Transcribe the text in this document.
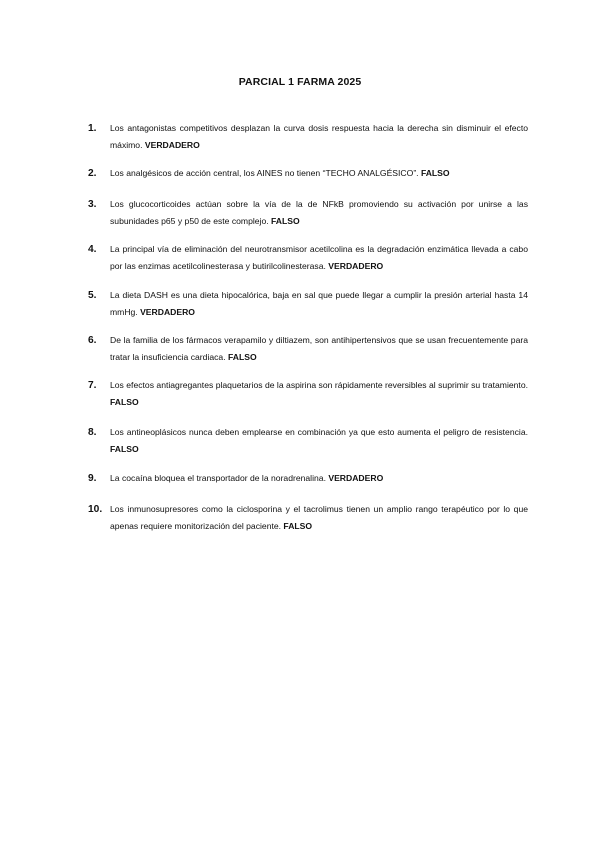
PARCIAL 1 FARMA 2025
1. Los antagonistas competitivos desplazan la curva dosis respuesta hacia la derecha sin disminuir el efecto máximo. VERDADERO
2. Los analgésicos de acción central, los AINES no tienen “TECHO ANALGÉSICO”. FALSO
3. Los glucocorticoides actúan sobre la vía de la de NFkB promoviendo su activación por unirse a las subunidades p65 y p50 de este complejo. FALSO
4. La principal vía de eliminación del neurotransmisor acetilcolina es la degradación enzimática llevada a cabo por las enzimas acetilcolinesterasa y butirilcolinesterasa. VERDADERO
5. La dieta DASH es una dieta hipocalórica, baja en sal que puede llegar a cumplir la presión arterial hasta 14 mmHg. VERDADERO
6. De la familia de los fármacos verapamilo y diltiazem, son antihipertensivos que se usan frecuentemente para tratar la insuficiencia cardiaca. FALSO
7. Los efectos antiagregantes plaquetarios de la aspirina son rápidamente reversibles al suprimir su tratamiento. FALSO
8. Los antineoplásicos nunca deben emplearse en combinación ya que esto aumenta el peligro de resistencia. FALSO
9. La cocaína bloquea el transportador de la noradrenalina. VERDADERO
10. Los inmunosupresores como la ciclosporina y el tacrolimus tienen un amplio rango terapéutico por lo que apenas requiere monitorización del paciente. FALSO
